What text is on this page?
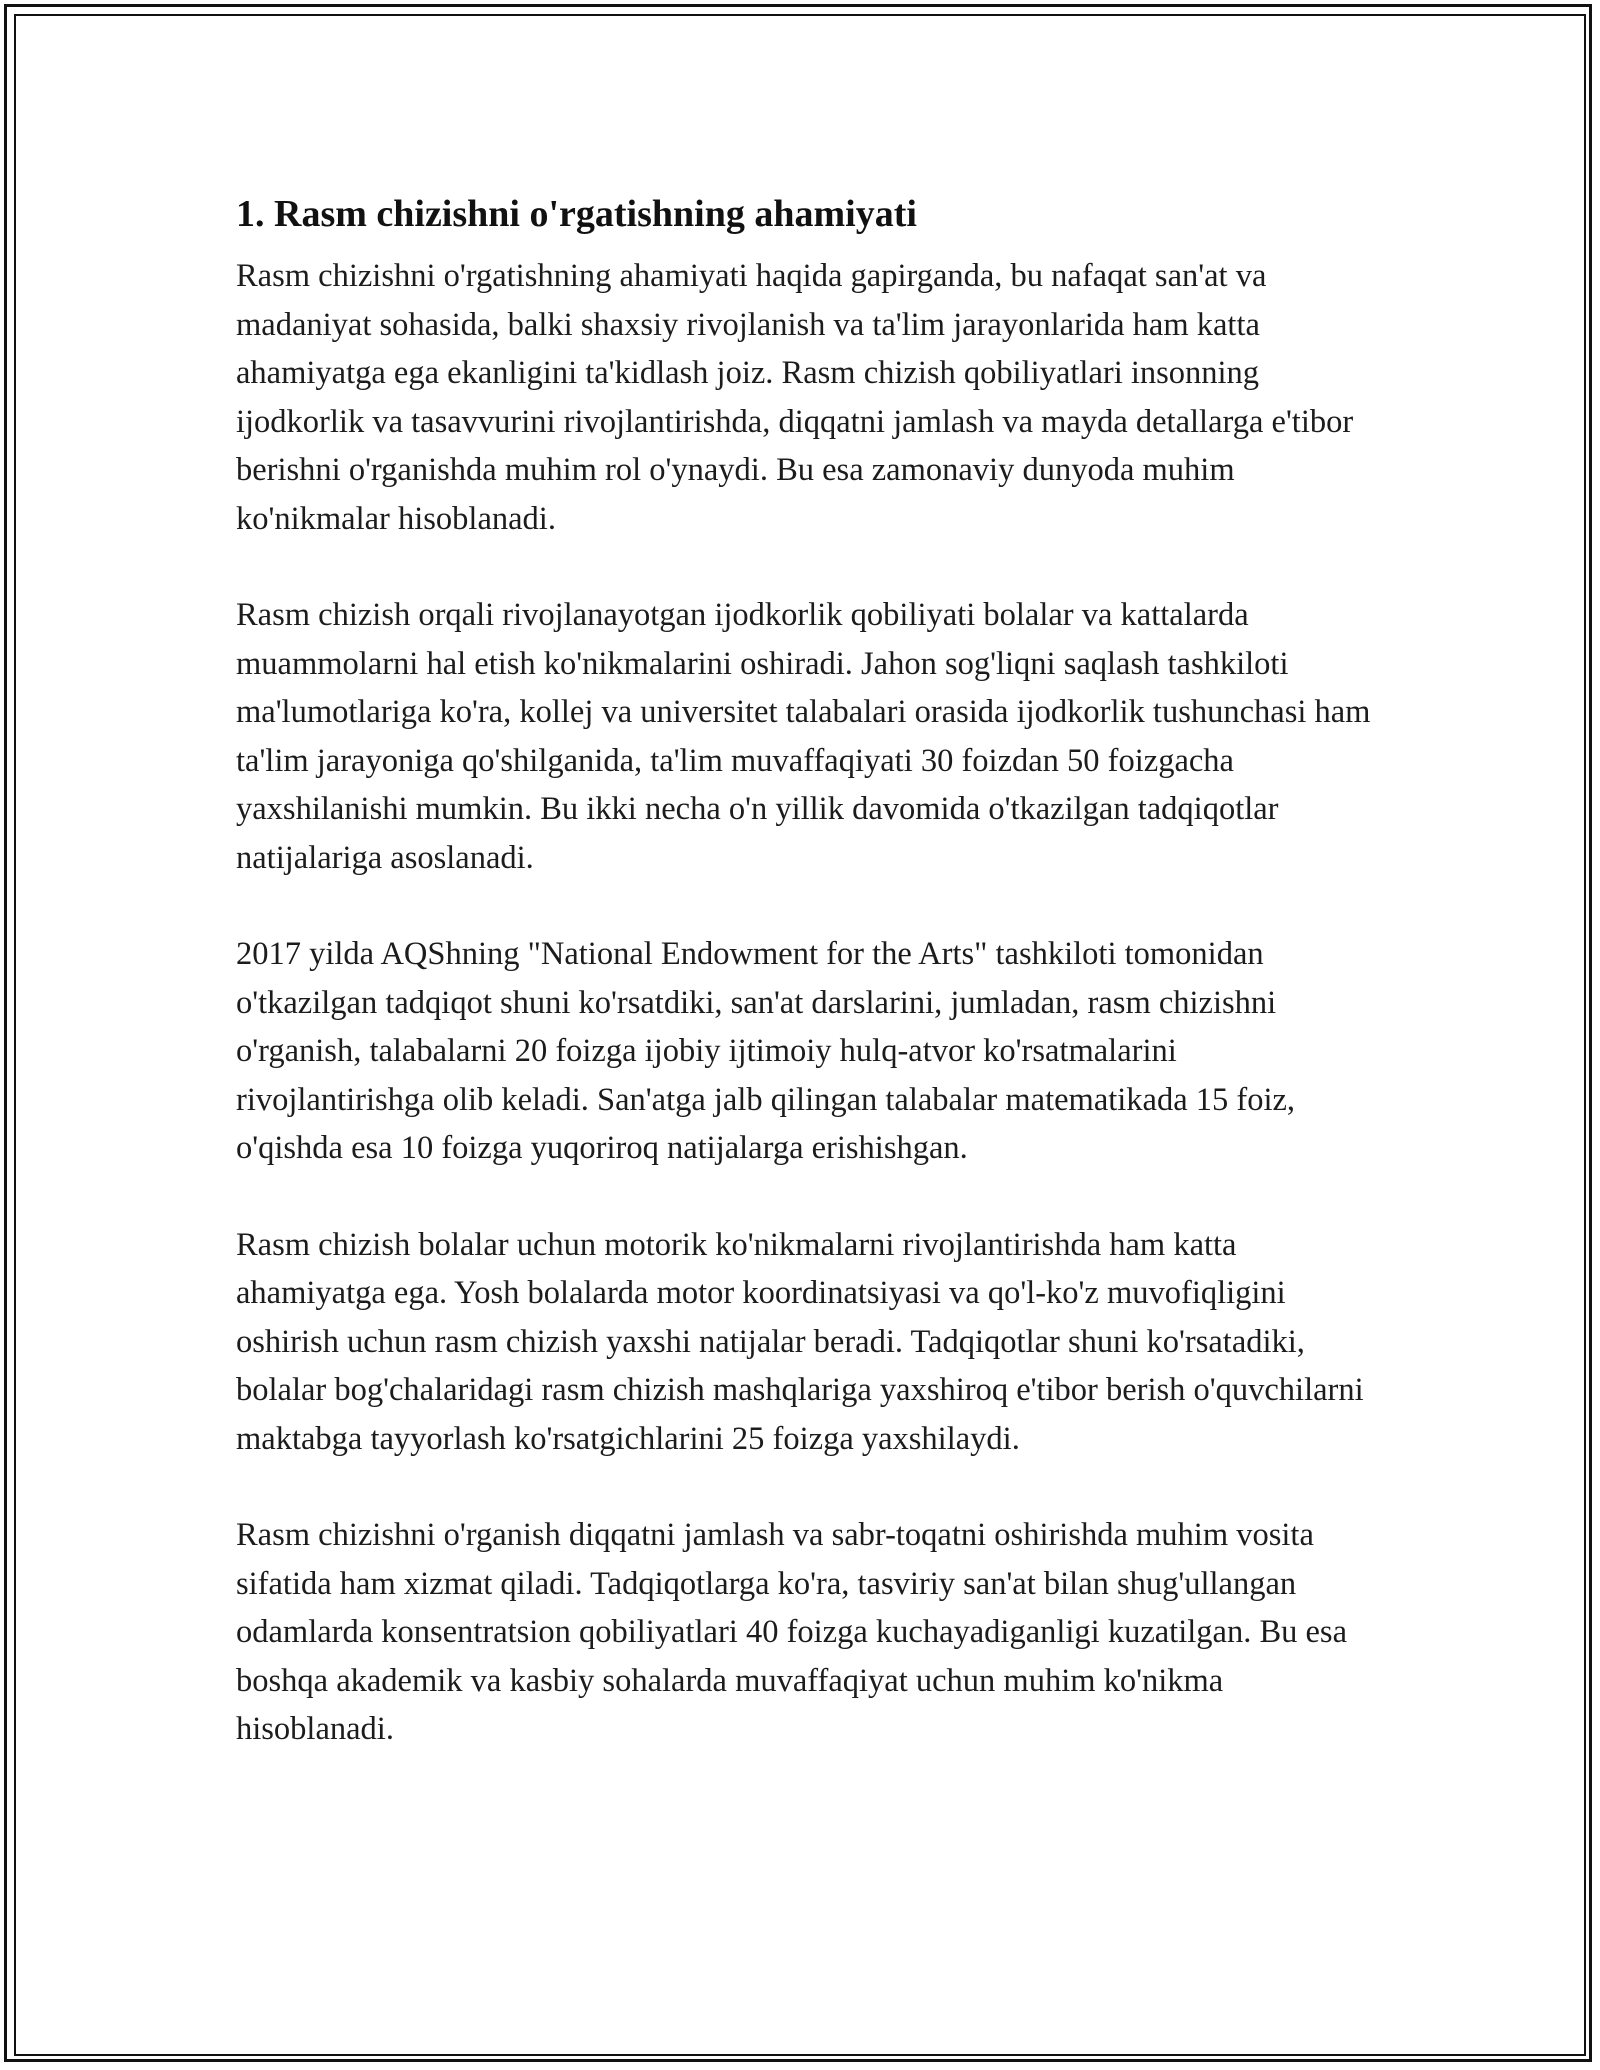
1. Rasm chizishni o'rgatishning ahamiyati

Rasm chizishni o'rgatishning ahamiyati haqida gapirganda, bu nafaqat san'at va madaniyat sohasida, balki shaxsiy rivojlanish va ta'lim jarayonlarida ham katta ahamiyatga ega ekanligini ta'kidlash joiz. Rasm chizish qobiliyatlari insonning ijodkorlik va tasavvurini rivojlantirishda, diqqatni jamlash va mayda detallarga e'tibor berishni o'rganishda muhim rol o'ynaydi. Bu esa zamonaviy dunyoda muhim ko'nikmalar hisoblanadi.

Rasm chizish orqali rivojlanayotgan ijodkorlik qobiliyati bolalar va kattalarda muammolarni hal etish ko'nikmalarini oshiradi. Jahon sog'liqni saqlash tashkiloti ma'lumotlariga ko'ra, kollej va universitet talabalari orasida ijodkorlik tushunchasi ham ta'lim jarayoniga qo'shilganida, ta'lim muvaffaqiyati 30 foizdan 50 foizgacha yaxshilanishi mumkin. Bu ikki necha o'n yillik davomida o'tkazilgan tadqiqotlar natijalariga asoslanadi.

2017 yilda AQShning "National Endowment for the Arts" tashkiloti tomonidan o'tkazilgan tadqiqot shuni ko'rsatdiki, san'at darslarini, jumladan, rasm chizishni o'rganish, talabalarni 20 foizga ijobiy ijtimoiy hulq-atvor ko'rsatmalarini rivojlantirishga olib keladi. San'atga jalb qilingan talabalar matematikada 15 foiz, o'qishda esa 10 foizga yuqoriroq natijalarga erishishgan.

Rasm chizish bolalar uchun motorik ko'nikmalarni rivojlantirishda ham katta ahamiyatga ega. Yosh bolalarda motor koordinatsiyasi va qo'l-ko'z muvofiqligini oshirish uchun rasm chizish yaxshi natijalar beradi. Tadqiqotlar shuni ko'rsatadiki, bolalar bog'chalaridagi rasm chizish mashqlariga yaxshiroq e'tibor berish o'quvchilarni maktabga tayyorlash ko'rsatgichlarini 25 foizga yaxshilaydi.

Rasm chizishni o'rganish diqqatni jamlash va sabr-toqatni oshirishda muhim vosita sifatida ham xizmat qiladi. Tadqiqotlarga ko'ra, tasviriy san'at bilan shug'ullangan odamlarda konsentratsion qobiliyatlari 40 foizga kuchayadiganligi kuzatilgan. Bu esa boshqa akademik va kasbiy sohalarda muvaffaqiyat uchun muhim ko'nikma hisoblanadi.
